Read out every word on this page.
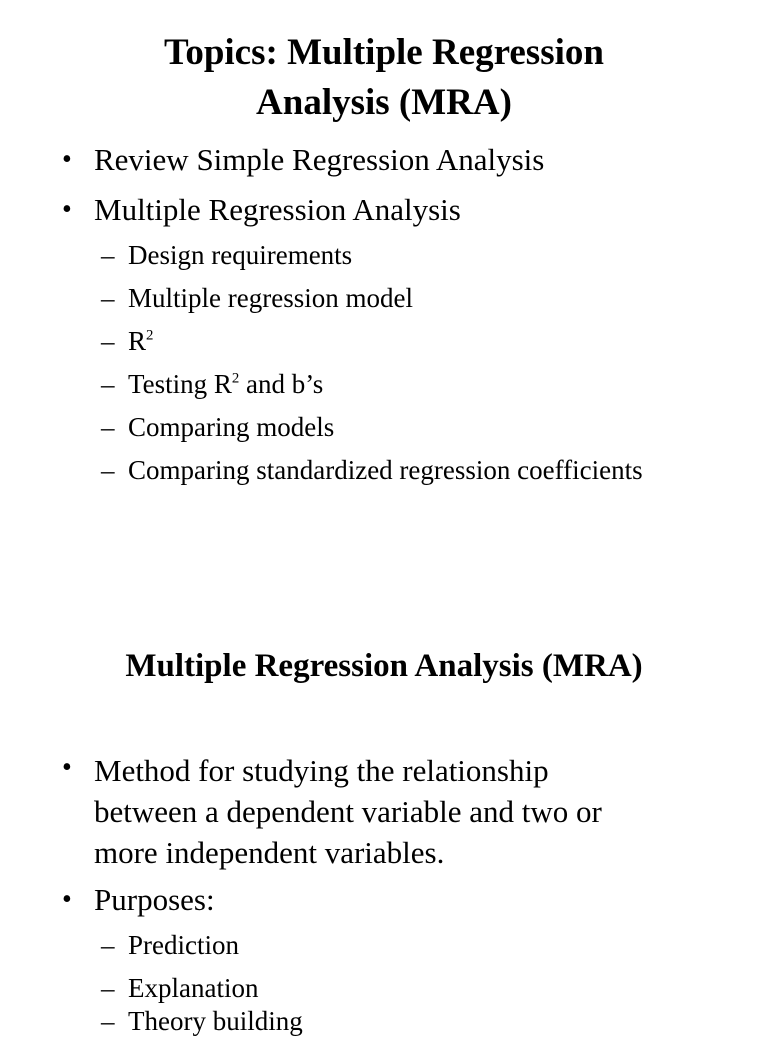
Topics: Multiple Regression
Analysis (MRA)
• Review Simple Regression Analysis
• Multiple Regression Analysis
– Design requirements
– Multiple regression model
– $R^2$
– Testing $R^2$ and b’s
– Comparing models
– Comparing standardized regression coefficients
Multiple Regression Analysis (MRA)
• Method for studying the relationship
between a dependent variable and two or
more independent variables.
• Purposes:
– Prediction
– Explanation
– Theory building
